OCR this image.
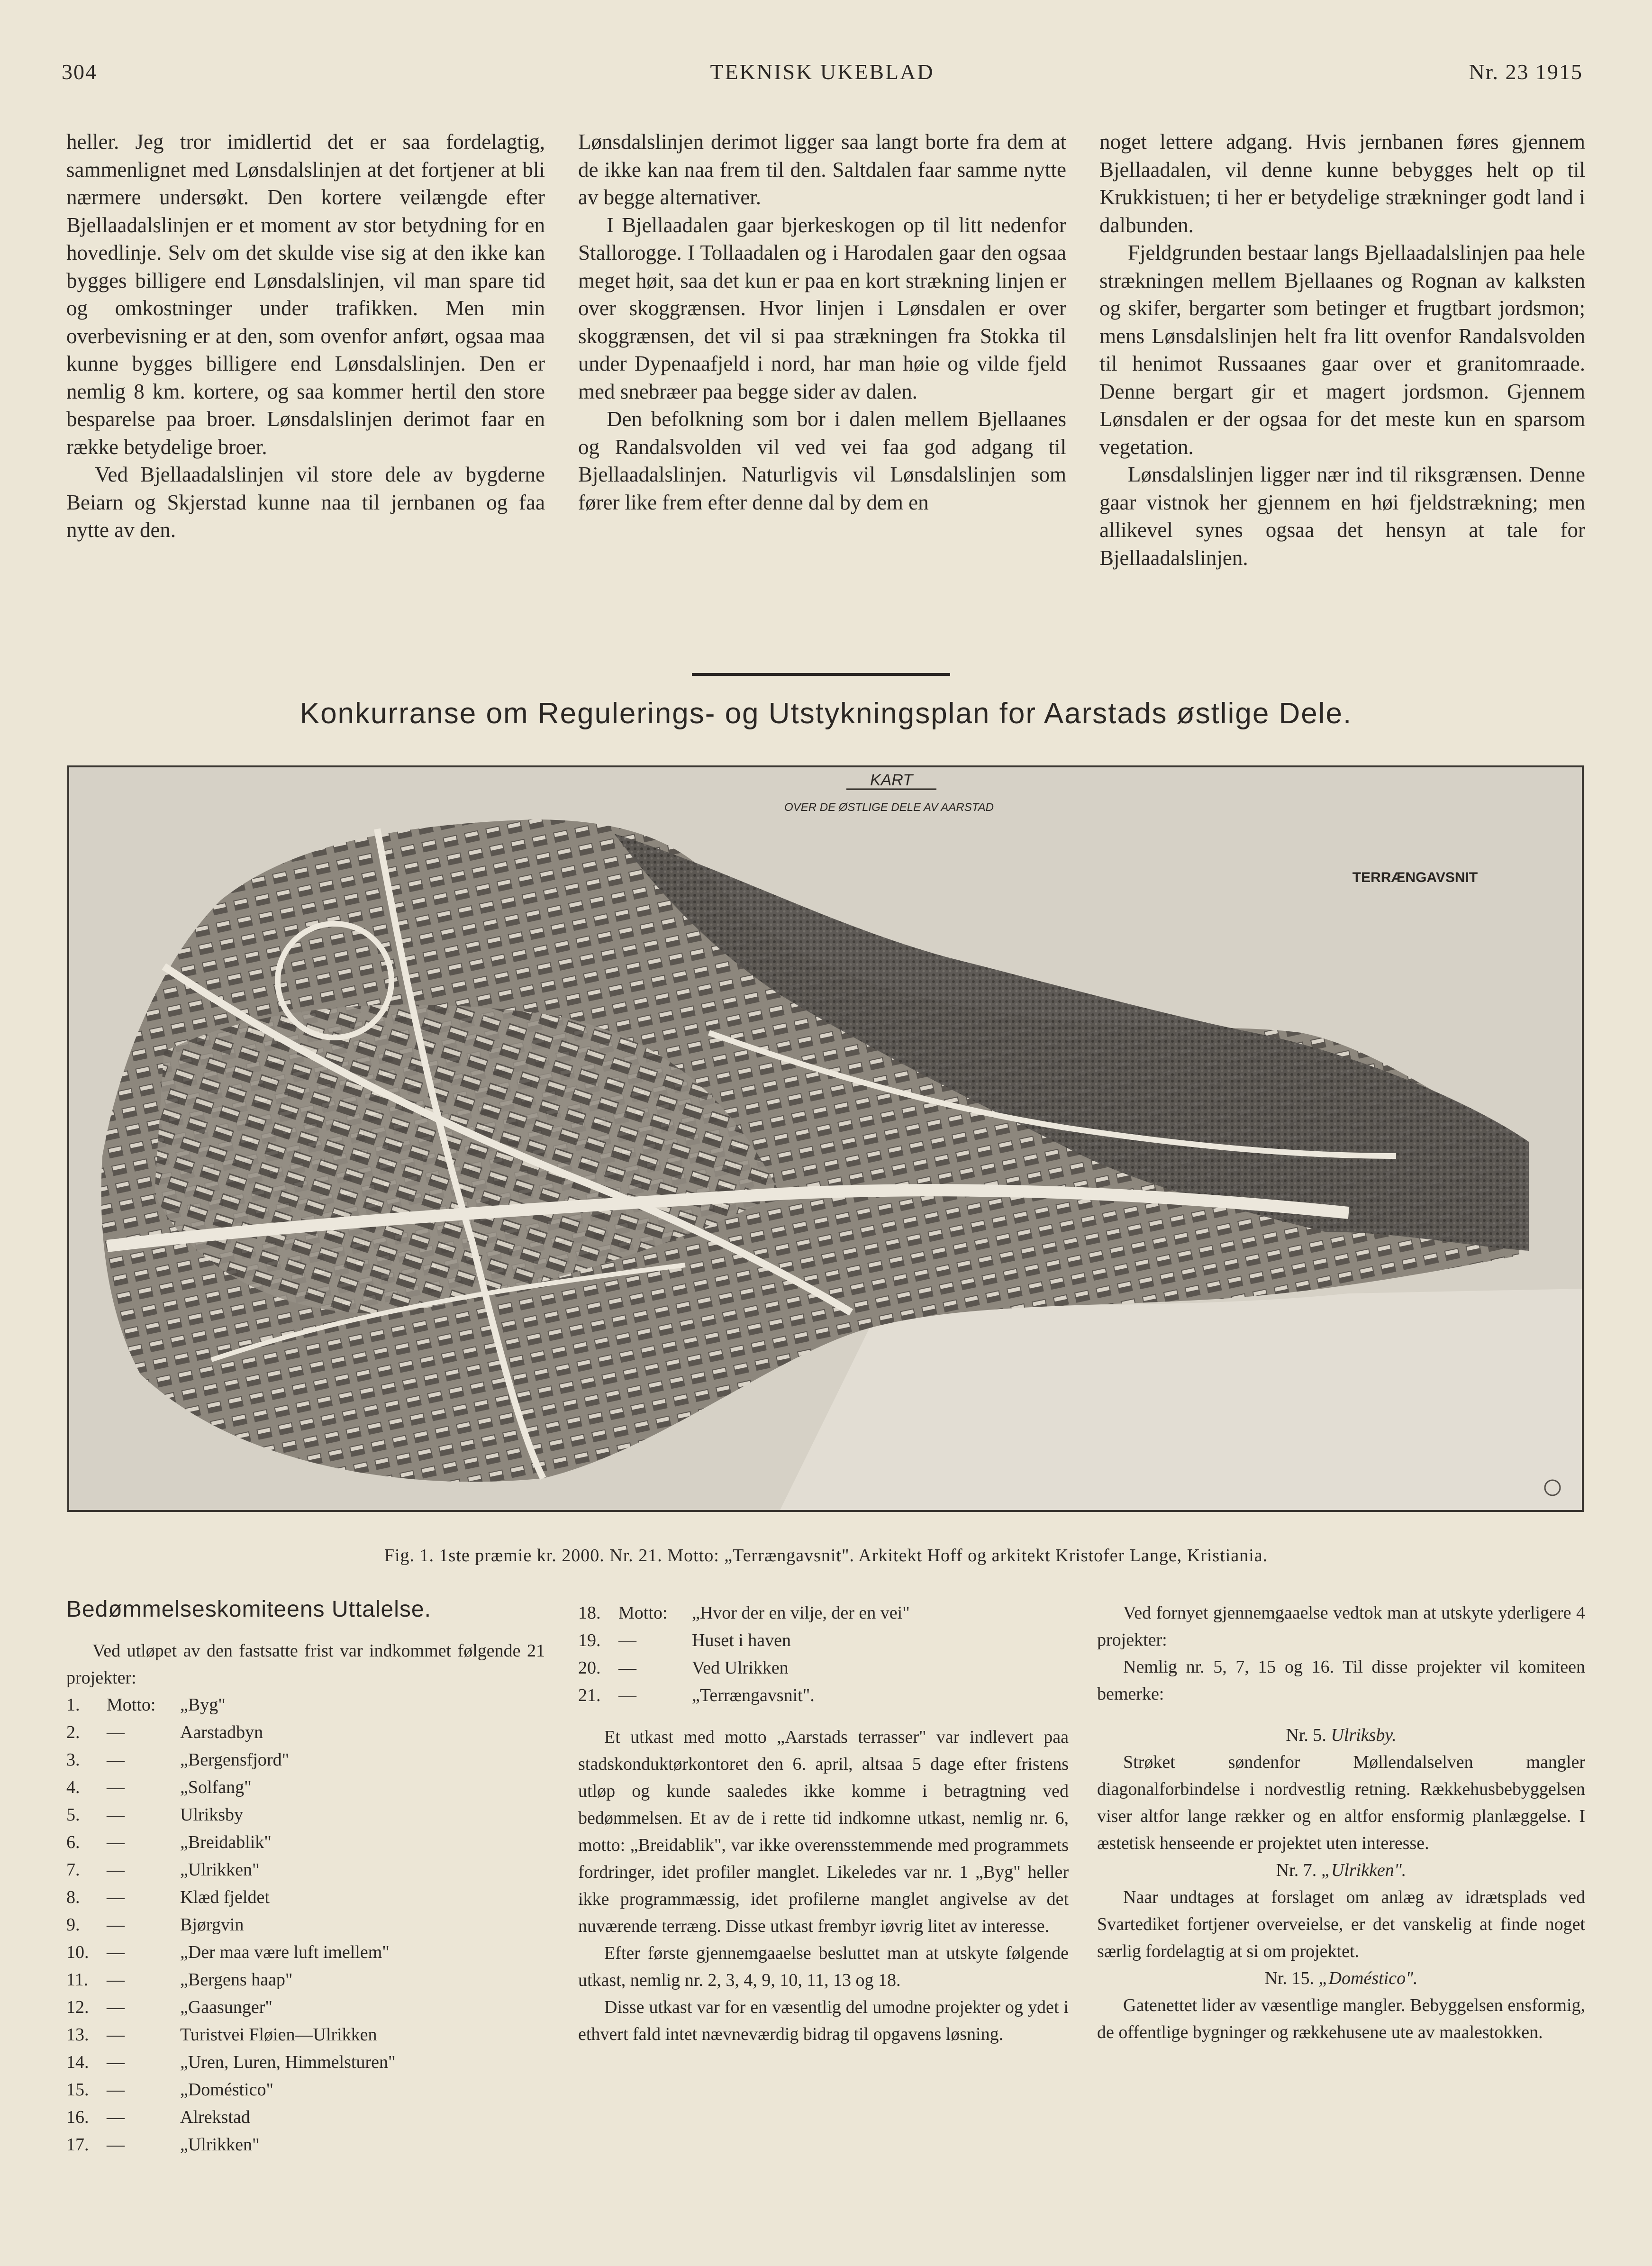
304	TEKNISK UKEBLAD	Nr. 23 1915

heller. Jeg tror imidlertid det er saa fordelagtig, sammenlignet med Lønsdalslinjen at det fortjener at bli nærmere undersøkt. Den kortere veilængde efter Bjellaadalslinjen er et moment av stor betydning for en hovedlinje. Selv om det skulde vise sig at den ikke kan bygges billigere end Lønsdalslinjen, vil man spare tid og omkostninger under trafikken. Men min overbevisning er at den, som ovenfor anført, ogsaa maa kunne bygges billigere end Lønsdalslinjen. Den er nemlig 8 km. kortere, og saa kommer hertil den store besparelse paa broer. Lønsdalslinjen derimot faar en række betydelige broer.

Ved Bjellaadalslinjen vil store dele av bygderne Beiarn og Skjerstad kunne naa til jernbanen og faa nytte av den.

Lønsdalslinjen derimot ligger saa langt borte fra dem at de ikke kan naa frem til den. Saltdalen faar samme nytte av begge alternativer.

I Bjellaadalen gaar bjerkeskogen op til litt nedenfor Stallorogge. I Tollaadalen og i Harodalen gaar den ogsaa meget høit, saa det kun er paa en kort strækning linjen er over skoggrænsen. Hvor linjen i Lønsdalen er over skoggrænsen, det vil si paa strækningen fra Stokka til under Dypenaafjeld i nord, har man høie og vilde fjeld med snebræer paa begge sider av dalen.

Den befolkning som bor i dalen mellem Bjellaanes og Randalsvolden vil ved vei faa god adgang til Bjellaadalslinjen. Naturligvis vil Lønsdalslinjen som fører like frem efter denne dal by dem en

noget lettere adgang. Hvis jernbanen føres gjennem Bjellaadalen, vil denne kunne bebygges helt op til Krukkistuen; ti her er betydelige strækninger godt land i dalbunden.

Fjeldgrunden bestaar langs Bjellaadalslinjen paa hele strækningen mellem Bjellaanes og Rognan av kalksten og skifer, bergarter som betinger et frugtbart jordsmon; mens Lønsdalslinjen helt fra litt ovenfor Randalsvolden til henimot Russaanes gaar over et granitomraade. Denne bergart gir et magert jordsmon. Gjennem Lønsdalen er der ogsaa for det meste kun en sparsom vegetation.

Lønsdalslinjen ligger nær ind til riksgrænsen. Denne gaar vistnok her gjennem en høi fjeldstrækning; men allikevel synes ogsaa det hensyn at tale for Bjellaadalslinjen.

Konkurranse om Regulerings- og Utstykningsplan for Aarstads østlige Dele.
KART
OVER DE ØSTLIGE DELE AV AARSTAD
TERRÆNGAVSNIT
Fig. 1. 1ste præmie kr. 2000. Nr. 21. Motto: „Terrængavsnit". Arkitekt Hoff og arkitekt Kristofer Lange, Kristiania.
Bedømmelseskomiteens Uttalelse.

Ved utløpet av den fastsatte frist var indkommet følgende 21 projekter:

1. Motto: „Byg"
2. —	Aarstadbyn
3. —	„Bergensfjord"
4. —	„Solfang"
5. —	Ulriksby
6. —	„Breidablik"
7. —	„Ulrikken"
8. —	Klæd fjeldet
9. —	Bjørgvin
10. —	„Der maa være luft imellem"
11. —	„Bergens haap"
12. —	„Gaasunger"
13. —	Turistvei Fløien—Ulrikken
14. —	„Uren, Luren, Himmelsturen"
15. —	„Doméstico"
16. —	Alrekstad
17. —	„Ulrikken"
18. Motto: „Hvor der en vilje, der en vei"
19. —	Huset i haven
20. —	Ved Ulrikken
21. —	„Terrængavsnit".

Et utkast med motto „Aarstads terrasser" var indlevert paa stadskonduktørkontoret den 6. april, altsaa 5 dage efter fristens utløp og kunde saaledes ikke komme i betragtning ved bedømmelsen. Et av de i rette tid indkomne utkast, nemlig nr. 6, motto: „Breidablik", var ikke overensstemmende med programmets fordringer, idet profiler manglet. Likeledes var nr. 1 „Byg" heller ikke programmæssig, idet profilerne manglet angivelse av det nuværende terræng. Disse utkast frembyr iøvrig litet av interesse.

Efter første gjennemgaaelse besluttet man at utskyte følgende utkast, nemlig nr. 2, 3, 4, 9, 10, 11, 13 og 18.

Disse utkast var for en væsentlig del umodne projekter og ydet i ethvert fald intet nævneværdig bidrag til opgavens løsning.

Ved fornyet gjennemgaaelse vedtok man at utskyte yderligere 4 projekter:

Nemlig nr. 5, 7, 15 og 16. Til disse projekter vil komiteen bemerke:

Nr. 5. Ulriksby.

Strøket søndenfor Møllendalselven mangler diagonalforbindelse i nordvestlig retning. Rækkehusbebyggelsen viser altfor lange rækker og en altfor ensformig planlæggelse. I æstetisk henseende er projektet uten interesse.

Nr. 7. „Ulrikken".

Naar undtages at forslaget om anlæg av idrætsplads ved Svartediket fortjener overveielse, er det vanskelig at finde noget særlig fordelagtig at si om projektet.

Nr. 15. „Doméstico".

Gatenettet lider av væsentlige mangler. Bebyggelsen ensformig, de offentlige bygninger og rækkehusene ute av maalestokken.
